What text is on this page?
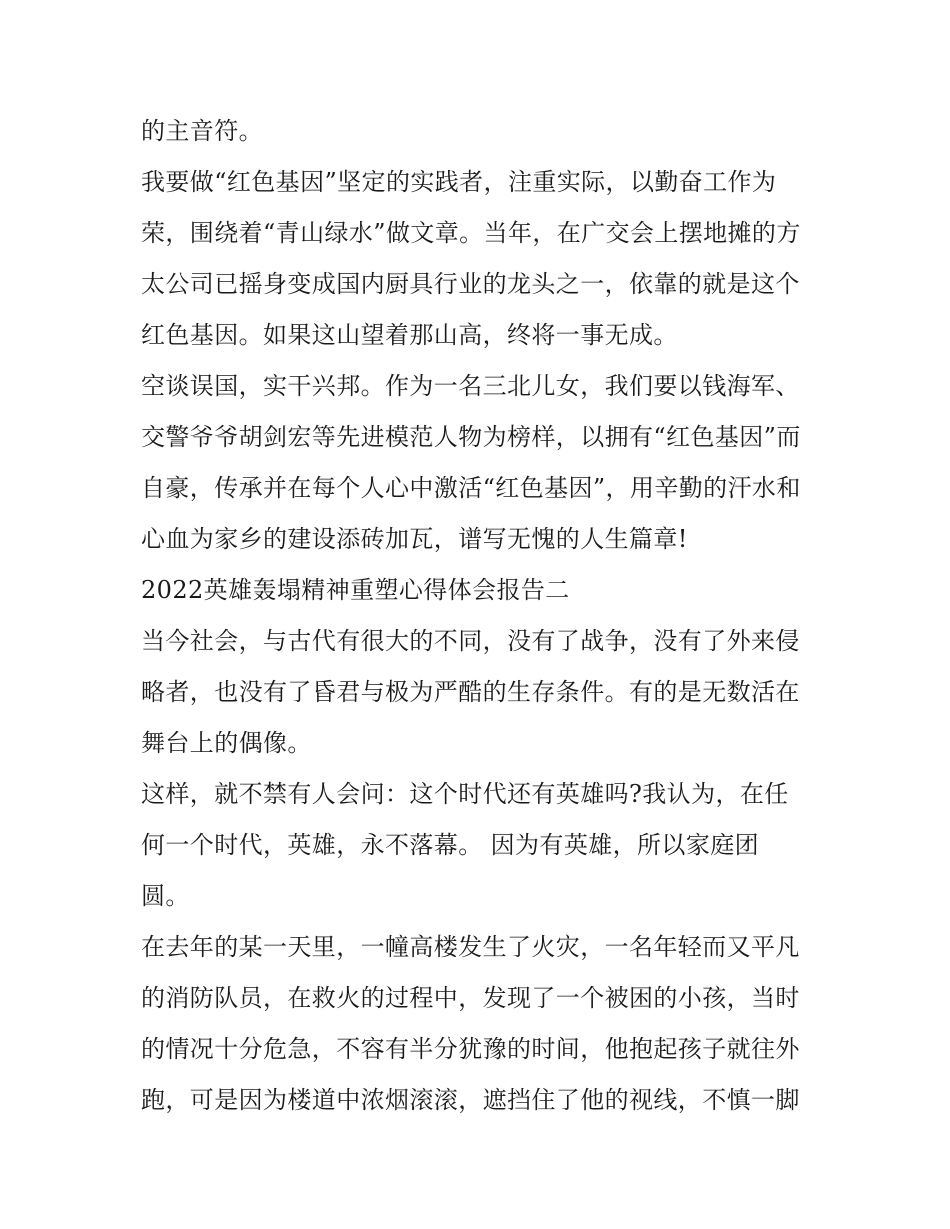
的主音符。
我要做“红色基因”坚定的实践者，注重实际，以勤奋工作为
荣，围绕着“青山绿水”做文章。当年，在广交会上摆地摊的方
太公司已摇身变成国内厨具行业的龙头之一，依靠的就是这个
红色基因。如果这山望着那山高，终将一事无成。
空谈误国，实干兴邦。作为一名三北儿女，我们要以钱海军、
交警爷爷胡剑宏等先进模范人物为榜样，以拥有“红色基因”而
自豪，传承并在每个人心中激活“红色基因”，用辛勤的汗水和
心血为家乡的建设添砖加瓦，谱写无愧的人生篇章!
2022英雄轰塌精神重塑心得体会报告二
当今社会，与古代有很大的不同，没有了战争，没有了外来侵
略者，也没有了昏君与极为严酷的生存条件。有的是无数活在
舞台上的偶像。
这样，就不禁有人会问：这个时代还有英雄吗?我认为，在任
何一个时代，英雄，永不落幕。 因为有英雄，所以家庭团
圆。
在去年的某一天里，一幢高楼发生了火灾，一名年轻而又平凡
的消防队员，在救火的过程中，发现了一个被困的小孩，当时
的情况十分危急，不容有半分犹豫的时间，他抱起孩子就往外
跑，可是因为楼道中浓烟滚滚，遮挡住了他的视线，不慎一脚
